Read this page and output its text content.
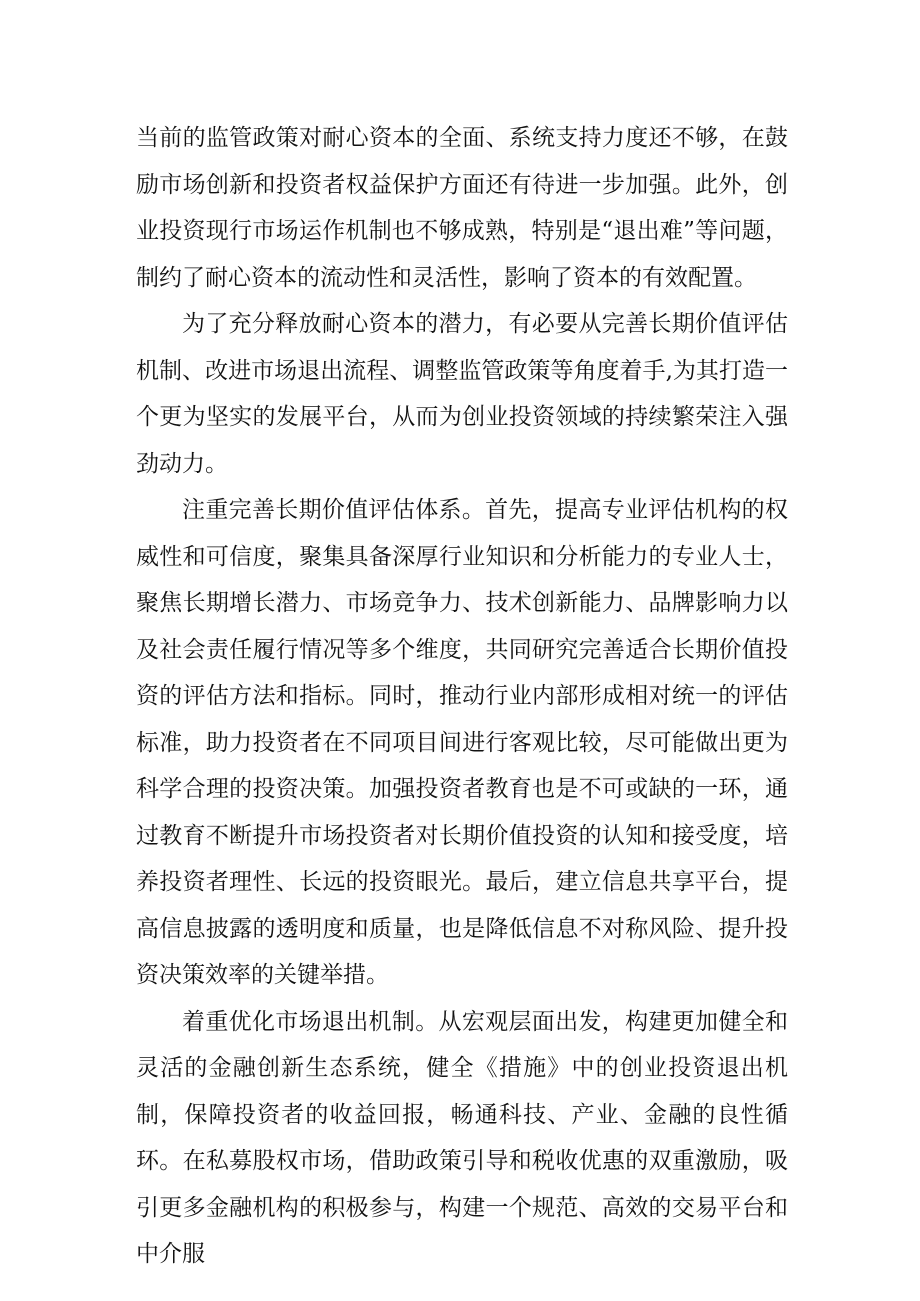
当前的监管政策对耐心资本的全面、系统支持力度还不够，在鼓励市场创新和投资者权益保护方面还有待进一步加强。此外，创业投资现行市场运作机制也不够成熟，特别是“退出难”等问题，制约了耐心资本的流动性和灵活性，影响了资本的有效配置。

为了充分释放耐心资本的潜力，有必要从完善长期价值评估机制、改进市场退出流程、调整监管政策等角度着手,为其打造一个更为坚实的发展平台，从而为创业投资领域的持续繁荣注入强劲动力。

注重完善长期价值评估体系。首先，提高专业评估机构的权威性和可信度，聚集具备深厚行业知识和分析能力的专业人士，聚焦长期增长潜力、市场竞争力、技术创新能力、品牌影响力以及社会责任履行情况等多个维度，共同研究完善适合长期价值投资的评估方法和指标。同时，推动行业内部形成相对统一的评估标准，助力投资者在不同项目间进行客观比较，尽可能做出更为科学合理的投资决策。加强投资者教育也是不可或缺的一环，通过教育不断提升市场投资者对长期价值投资的认知和接受度，培养投资者理性、长远的投资眼光。最后，建立信息共享平台，提高信息披露的透明度和质量，也是降低信息不对称风险、提升投资决策效率的关键举措。

着重优化市场退出机制。从宏观层面出发，构建更加健全和灵活的金融创新生态系统，健全《措施》中的创业投资退出机制，保障投资者的收益回报，畅通科技、产业、金融的良性循环。在私募股权市场，借助政策引导和税收优惠的双重激励，吸引更多金融机构的积极参与，构建一个规范、高效的交易平台和中介服
